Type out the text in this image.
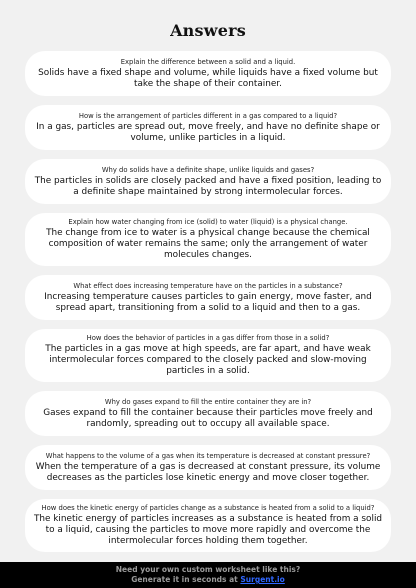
Answers
Explain the difference between a solid and a liquid.
Solids have a fixed shape and volume, while liquids have a fixed volume but take the shape of their container.
How is the arrangement of particles different in a gas compared to a liquid?
In a gas, particles are spread out, move freely, and have no definite shape or volume, unlike particles in a liquid.
Why do solids have a definite shape, unlike liquids and gases?
The particles in solids are closely packed and have a fixed position, leading to a definite shape maintained by strong intermolecular forces.
Explain how water changing from ice (solid) to water (liquid) is a physical change.
The change from ice to water is a physical change because the chemical composition of water remains the same; only the arrangement of water molecules changes.
What effect does increasing temperature have on the particles in a substance?
Increasing temperature causes particles to gain energy, move faster, and spread apart, transitioning from a solid to a liquid and then to a gas.
How does the behavior of particles in a gas differ from those in a solid?
The particles in a gas move at high speeds, are far apart, and have weak intermolecular forces compared to the closely packed and slow-moving particles in a solid.
Why do gases expand to fill the entire container they are in?
Gases expand to fill the container because their particles move freely and randomly, spreading out to occupy all available space.
What happens to the volume of a gas when its temperature is decreased at constant pressure?
When the temperature of a gas is decreased at constant pressure, its volume decreases as the particles lose kinetic energy and move closer together.
How does the kinetic energy of particles change as a substance is heated from a solid to a liquid?
The kinetic energy of particles increases as a substance is heated from a solid to a liquid, causing the particles to move more rapidly and overcome the intermolecular forces holding them together.
Need your own custom worksheet like this?
Generate it in seconds at Surgent.io
